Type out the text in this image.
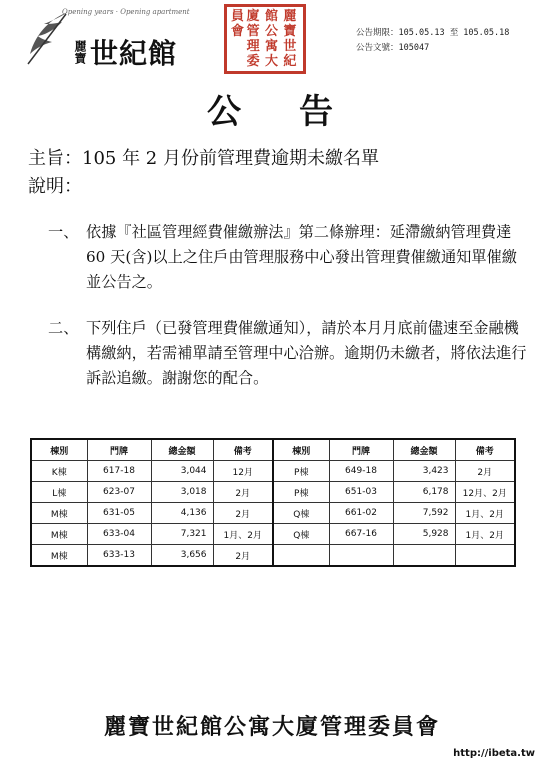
Opening years · Opening apartment
麗寶 世紀館
麗
寶
世
紀
館
公
寓
大
廈
管
理
委
員
會	公告期限：105.05.13 至 105.05.18
公告文號：105047
公 告
主旨：105 年 2 月份前管理費逾期未繳名單
說明：
一、 依據『社區管理經費催繳辦法』第二條辦理：延滯繳納管理費達 60 天(含)以上之住戶由管理服務中心發出管理費催繳通知單催繳並公告之。
二、 下列住戶（已發管理費催繳通知），請於本月月底前儘速至金融機構繳納，若需補單請至管理中心洽辦。逾期仍未繳者，將依法進行訴訟追繳。謝謝您的配合。
棟別	門牌	總金額	備考	棟別	門牌	總金額	備考
K棟	617-18	3,044	12月	P棟	649-18	3,423	2月
L棟	623-07	3,018	2月	P棟	651-03	6,178	12月、2月
M棟	631-05	4,136	2月	Q棟	661-02	7,592	1月、2月
M棟	633-04	7,321	1月、2月	Q棟	667-16	5,928	1月、2月
M棟	633-13	3,656	2月				
麗寶世紀館公寓大廈管理委員會
http://ibeta.tw
